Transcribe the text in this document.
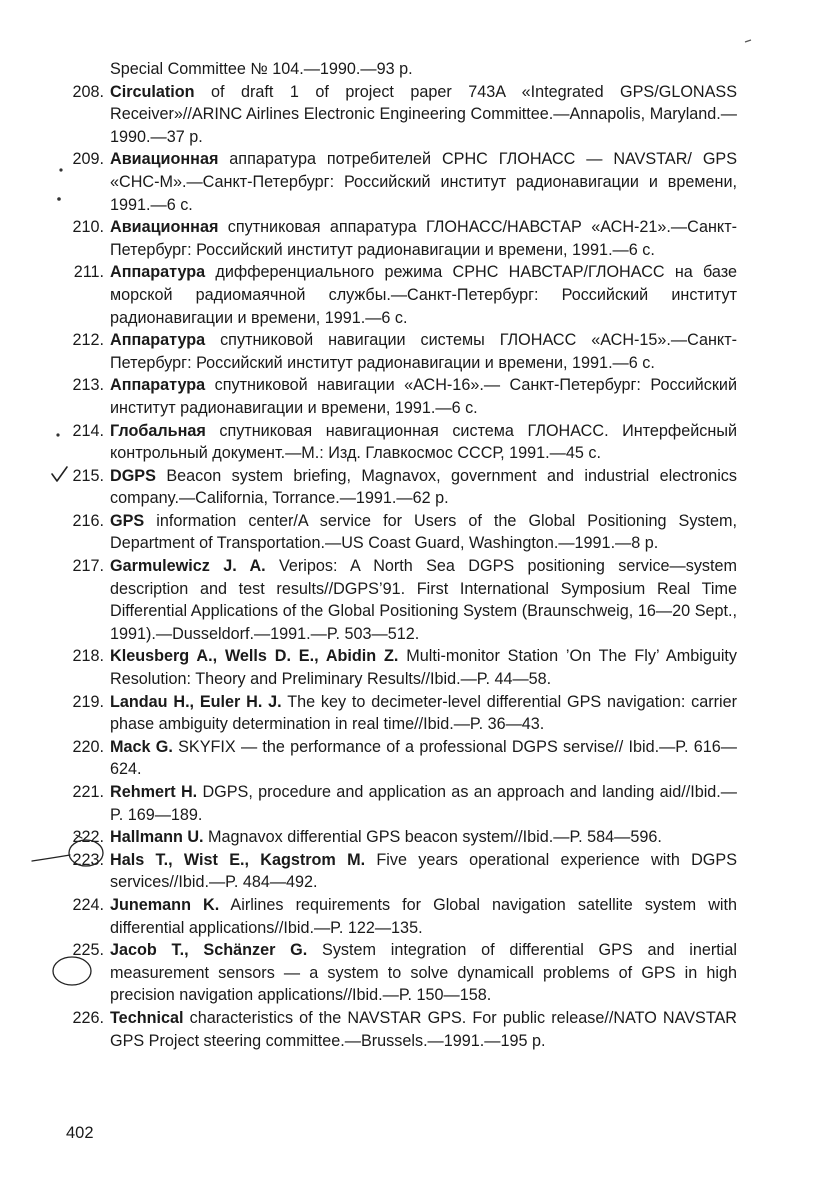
Special Committee № 104.—1990.—93 p.

208. Circulation of draft 1 of project paper 743A «Integrated GPS/GLONASS Receiver»//ARINC Airlines Electronic Engineering Committee.—Annapolis, Maryland.—1990.—37 p.

209. Авиационная аппаратура потребителей СРНС ГЛОНАСС — NAVSTAR/ GPS «СНС-М».—Санкт-Петербург: Российский институт радионавигации и времени, 1991.—6 с.

210. Авиационная спутниковая аппаратура ГЛОНАСС/НАВСТАР «АСН-21».—Санкт-Петербург: Российский институт радионавигации и времени, 1991.—6 с.

211. Аппаратура дифференциального режима СРНС НАВСТАР/ГЛОНАСС на базе морской радиомаячной службы.—Санкт-Петербург: Российский институт радионавигации и времени, 1991.—6 с.

212. Аппаратура спутниковой навигации системы ГЛОНАСС «АСН-15».—Санкт-Петербург: Российский институт радионавигации и времени, 1991.—6 с.

213. Аппаратура спутниковой навигации «АСН-16».— Санкт-Петербург: Российский институт радионавигации и времени, 1991.—6 с.

214. Глобальная спутниковая навигационная система ГЛОНАСС. Интерфейсный контрольный документ.—М.: Изд. Главкосмос СССР, 1991.—45 с.

215. DGPS Beacon system briefing, Magnavox, government and industrial electronics company.—California, Torrance.—1991.—62 p.

216. GPS information center/A service for Users of the Global Positioning System, Department of Transportation.—US Coast Guard, Washington.—1991.—8 p.

217. Garmulewicz J. A. Veripos: A North Sea DGPS positioning service—system description and test results//DGPS’91. First International Symposium Real Time Differential Applications of the Global Positioning System (Braunschweig, 16—20 Sept., 1991).—Dusseldorf.—1991.—P. 503—512.

218. Kleusberg A., Wells D. E., Abidin Z. Multi-monitor Station ’On The Fly’ Ambiguity Resolution: Theory and Preliminary Results//Ibid.—P. 44—58.

219. Landau H., Euler H. J. The key to decimeter-level differential GPS navigation: carrier phase ambiguity determination in real time//Ibid.—P. 36—43.

220. Mack G. SKYFIX — the performance of a professional DGPS servise// Ibid.—P. 616—624.

221. Rehmert H. DGPS, procedure and application as an approach and landing aid//Ibid.—P. 169—189.

222. Hallmann U. Magnavox differential GPS beacon system//Ibid.—P. 584—596.

223. Hals T., Wist E., Kagstrom M. Five years operational experience with DGPS services//Ibid.—P. 484—492.

224. Junemann K. Airlines requirements for Global navigation satellite system with differential applications//Ibid.—P. 122—135.

225. Jacob T., Schänzer G. System integration of differential GPS and inertial measurement sensors — a system to solve dynamicall problems of GPS in high precision navigation applications//Ibid.—P. 150—158.

226. Technical characteristics of the NAVSTAR GPS. For public release//NATO NAVSTAR GPS Project steering committee.—Brussels.—1991.—195 p.

402
